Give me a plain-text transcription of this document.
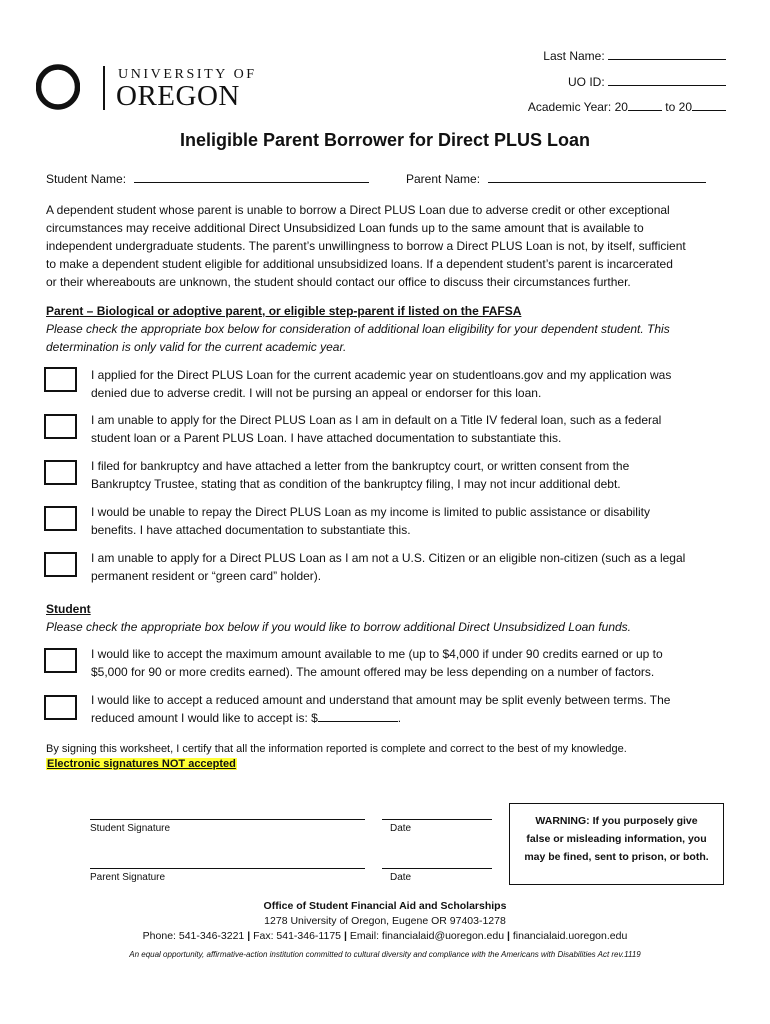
Last Name:
UO ID:
Academic Year: 20	to 20
UNIVERSITY OF
OREGON
Ineligible Parent Borrower for Direct PLUS Loan
Student Name:	Parent Name:
A dependent student whose parent is unable to borrow a Direct PLUS Loan due to adverse credit or other exceptional
circumstances may receive additional Direct Unsubsidized Loan funds up to the same amount that is available to
independent undergraduate students. The parent’s unwillingness to borrow a Direct PLUS Loan is not, by itself, sufficient
to make a dependent student eligible for additional unsubsidized loans. If a dependent student’s parent is incarcerated
or their whereabouts are unknown, the student should contact our office to discuss their circumstances further.
Parent – Biological or adoptive parent, or eligible step-parent if listed on the FAFSA
Please check the appropriate box below for consideration of additional loan eligibility for your dependent student. This
determination is only valid for the current academic year.
I applied for the Direct PLUS Loan for the current academic year on studentloans.gov and my application was
denied due to adverse credit. I will not be pursing an appeal or endorser for this loan.
I am unable to apply for the Direct PLUS Loan as I am in default on a Title IV federal loan, such as a federal
student loan or a Parent PLUS Loan. I have attached documentation to substantiate this.
I filed for bankruptcy and have attached a letter from the bankruptcy court, or written consent from the
Bankruptcy Trustee, stating that as condition of the bankruptcy filing, I may not incur additional debt.
I would be unable to repay the Direct PLUS Loan as my income is limited to public assistance or disability
benefits. I have attached documentation to substantiate this.
I am unable to apply for a Direct PLUS Loan as I am not a U.S. Citizen or an eligible non-citizen (such as a legal
permanent resident or “green card” holder).
Student
Please check the appropriate box below if you would like to borrow additional Direct Unsubsidized Loan funds.
I would like to accept the maximum amount available to me (up to $4,000 if under 90 credits earned or up to
$5,000 for 90 or more credits earned). The amount offered may be less depending on a number of factors.
I would like to accept a reduced amount and understand that amount may be split evenly between terms. The
reduced amount I would like to accept is: $	.
By signing this worksheet, I certify that all the information reported is complete and correct to the best of my knowledge.
Electronic signatures NOT accepted
Student Signature	Date
Parent Signature	Date
WARNING: If you purposely give
false or misleading information, you
may be fined, sent to prison, or both.
Office of Student Financial Aid and Scholarships
1278 University of Oregon, Eugene OR 97403-1278
Phone: 541-346-3221 | Fax: 541-346-1175 | Email: financialaid@uoregon.edu | financialaid.uoregon.edu
An equal opportunity, affirmative-action institution committed to cultural diversity and compliance with the Americans with Disabilities Act rev.1119
